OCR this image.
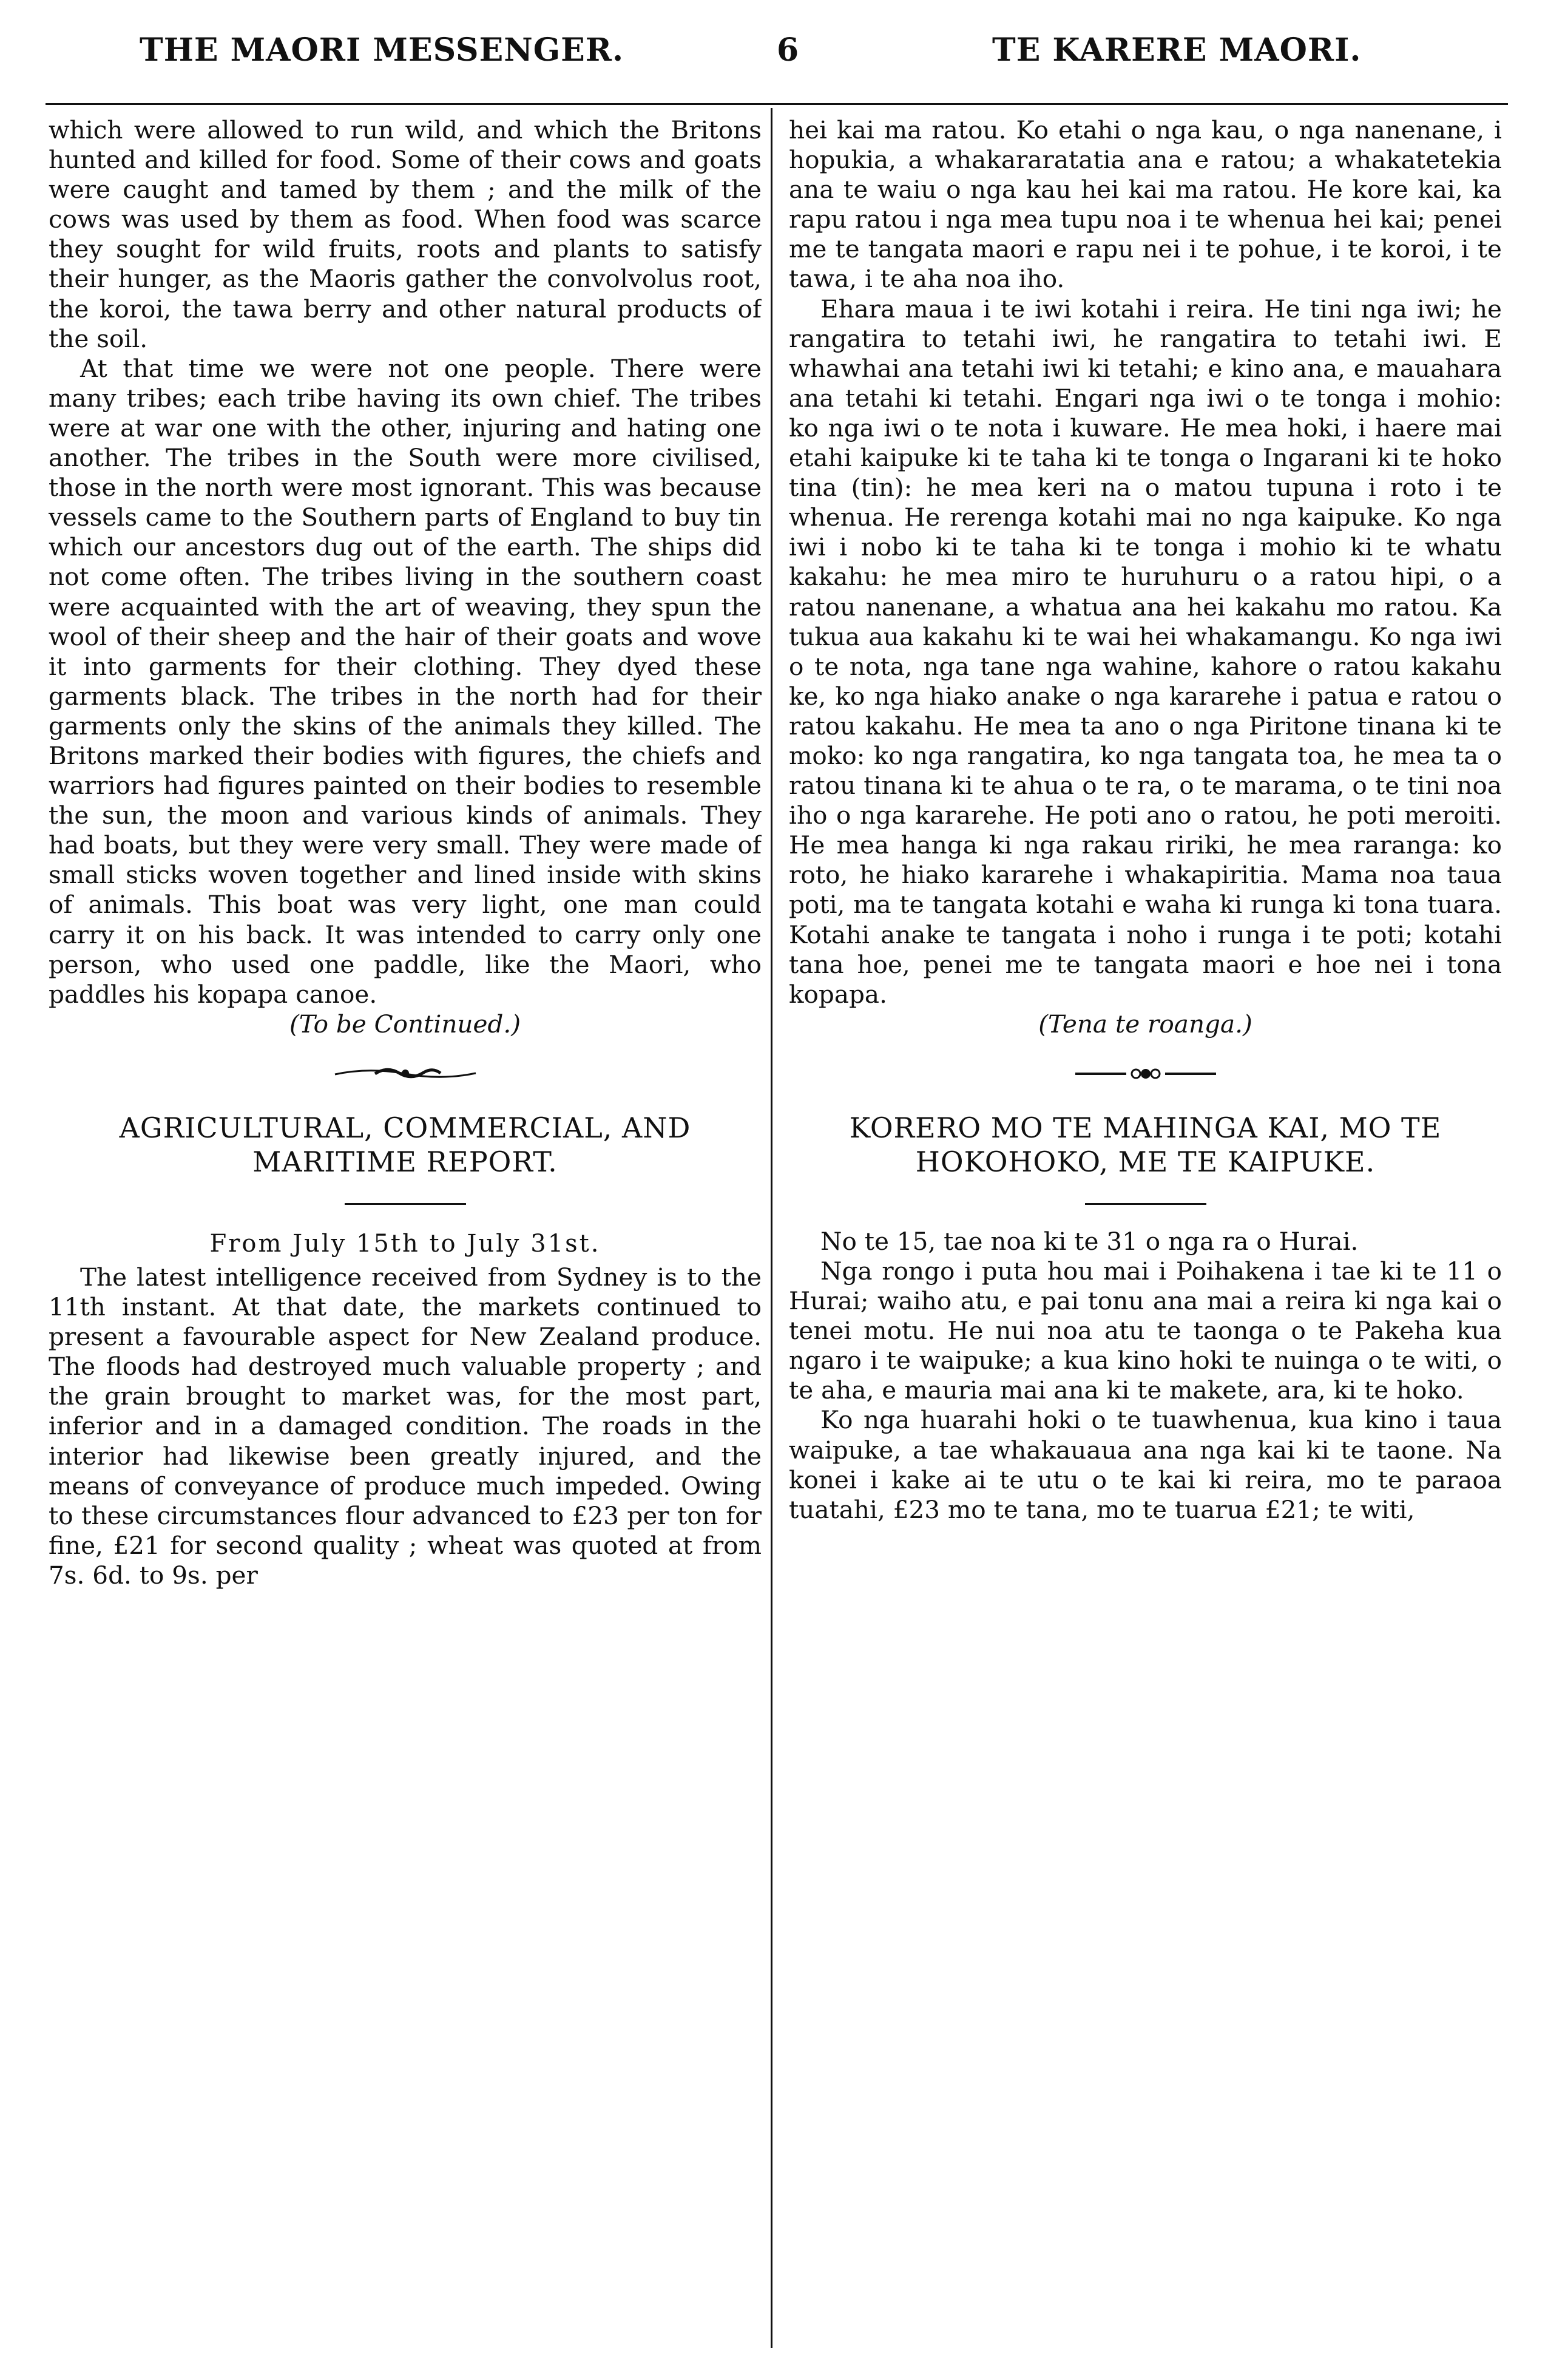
THE MAORI MESSENGER.	6	TE KARERE MAORI.

which were allowed to run wild, and which the Britons hunted and killed for food. Some of their cows and goats were caught and tamed by them ; and the milk of the cows was used by them as food. When food was scarce they sought for wild fruits, roots and plants to satisfy their hunger, as the Maoris gather the convolvolus root, the koroi, the tawa berry and other natural products of the soil.

At that time we were not one people. There were many tribes; each tribe having its own chief. The tribes were at war one with the other, injuring and hating one another. The tribes in the South were more civilised, those in the north were most ignorant. This was because vessels came to the Southern parts of England to buy tin which our ancestors dug out of the earth. The ships did not come often. The tribes living in the southern coast were acquainted with the art of weaving, they spun the wool of their sheep and the hair of their goats and wove it into garments for their clothing. They dyed these garments black. The tribes in the north had for their garments only the skins of the animals they killed. The Britons marked their bodies with figures, the chiefs and warriors had figures painted on their bodies to resemble the sun, the moon and various kinds of animals. They had boats, but they were very small. They were made of small sticks woven together and lined inside with skins of animals. This boat was very light, one man could carry it on his back. It was intended to carry only one person, who used one paddle, like the Maori, who paddles his kopapa canoe.

(To be Continued.)

AGRICULTURAL, COMMERCIAL, AND MARITIME REPORT.
From July 15th to July 31st.

The latest intelligence received from Sydney is to the 11th instant. At that date, the markets continued to present a favourable aspect for New Zealand produce. The floods had destroyed much valuable property ; and the grain brought to market was, for the most part, inferior and in a damaged condition. The roads in the interior had likewise been greatly injured, and the means of conveyance of produce much impeded. Owing to these circumstances flour advanced to £23 per ton for fine, £21 for second quality ; wheat was quoted at from 7s. 6d. to 9s. per

hei kai ma ratou. Ko etahi o nga kau, o nga nanenane, i hopukia, a whakararatatia ana e ratou; a whakatetekia ana te waiu o nga kau hei kai ma ratou. He kore kai, ka rapu ratou i nga mea tupu noa i te whenua hei kai; penei me te tangata maori e rapu nei i te pohue, i te koroi, i te tawa, i te aha noa iho.

Ehara maua i te iwi kotahi i reira. He tini nga iwi; he rangatira to tetahi iwi, he rangatira to tetahi iwi. E whawhai ana tetahi iwi ki tetahi; e kino ana, e mauahara ana tetahi ki tetahi. Engari nga iwi o te tonga i mohio: ko nga iwi o te nota i kuware. He mea hoki, i haere mai etahi kaipuke ki te taha ki te tonga o Ingarani ki te hoko tina (tin): he mea keri na o matou tupuna i roto i te whenua. He rerenga kotahi mai no nga kaipuke. Ko nga iwi i nobo ki te taha ki te tonga i mohio ki te whatu kakahu: he mea miro te huruhuru o a ratou hipi, o a ratou nanenane, a whatua ana hei kakahu mo ratou. Ka tukua aua kakahu ki te wai hei whakamangu. Ko nga iwi o te nota, nga tane nga wahine, kahore o ratou kakahu ke, ko nga hiako anake o nga kararehe i patua e ratou o ratou kakahu. He mea ta ano o nga Piritone tinana ki te moko: ko nga rangatira, ko nga tangata toa, he mea ta o ratou tinana ki te ahua o te ra, o te marama, o te tini noa iho o nga kararehe. He poti ano o ratou, he poti meroiti. He mea hanga ki nga rakau ririki, he mea raranga: ko roto, he hiako kararehe i whakapiritia. Mama noa taua poti, ma te tangata kotahi e waha ki runga ki tona tuara. Kotahi anake te tangata i noho i runga i te poti; kotahi tana hoe, penei me te tangata maori e hoe nei i tona kopapa.

(Tena te roanga.)

KORERO MO TE MAHINGA KAI, MO TE HOKOHOKO, ME TE KAIPUKE.

No te 15, tae noa ki te 31 o nga ra o Hurai.

Nga rongo i puta hou mai i Poihakena i tae ki te 11 o Hurai; waiho atu, e pai tonu ana mai a reira ki nga kai o tenei motu. He nui noa atu te taonga o te Pakeha kua ngaro i te waipuke; a kua kino hoki te nuinga o te witi, o te aha, e mauria mai ana ki te makete, ara, ki te hoko.

Ko nga huarahi hoki o te tuawhenua, kua kino i taua waipuke, a tae whakauaua ana nga kai ki te taone. Na konei i kake ai te utu o te kai ki reira, mo te paraoa tuatahi, £23 mo te tana, mo te tuarua £21; te witi,
